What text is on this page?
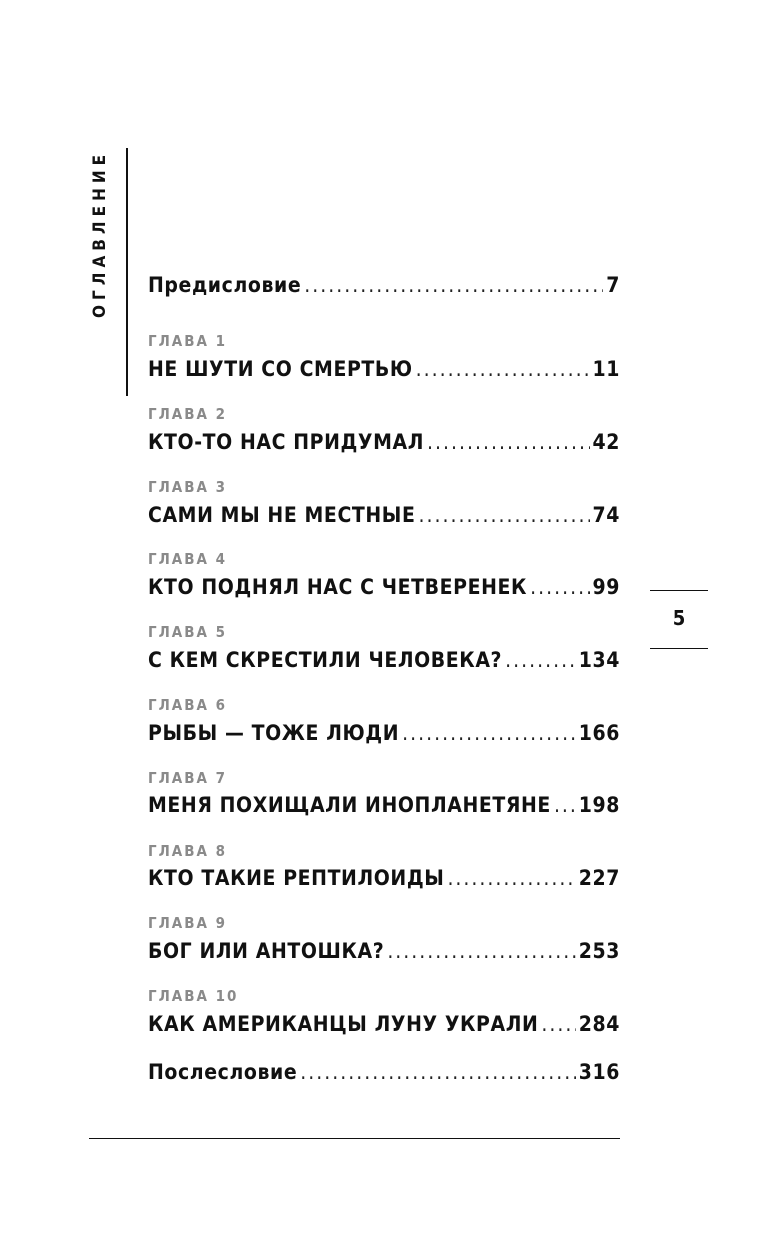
ОГЛАВЛЕНИЕ Предисловие .....	7
ГЛАВА 1
НЕ ШУТИ СО СМЕРТЬЮ .....	11
ГЛАВА 2
КТО-ТО НАС ПРИДУМАЛ .....	42
ГЛАВА 3
САМИ МЫ НЕ МЕСТНЫЕ .....	74
ГЛАВА 4
КТО ПОДНЯЛ НАС С ЧЕТВЕРЕНЕК .....	99
ГЛАВА 5
С КЕМ СКРЕСТИЛИ ЧЕЛОВЕКА? .....	134
ГЛАВА 6
РЫБЫ — ТОЖЕ ЛЮДИ .....	166
ГЛАВА 7
МЕНЯ ПОХИЩАЛИ ИНОПЛАНЕТЯНЕ ..... 198
ГЛАВА 8
КТО ТАКИЕ РЕПТИЛОИДЫ .....	227
ГЛАВА 9
БОГ ИЛИ АНТОШКА? .....	253
ГЛАВА 10
КАК АМЕРИКАНЦЫ ЛУНУ УКРАЛИ ..... 284
Послесловие .....	316
5
